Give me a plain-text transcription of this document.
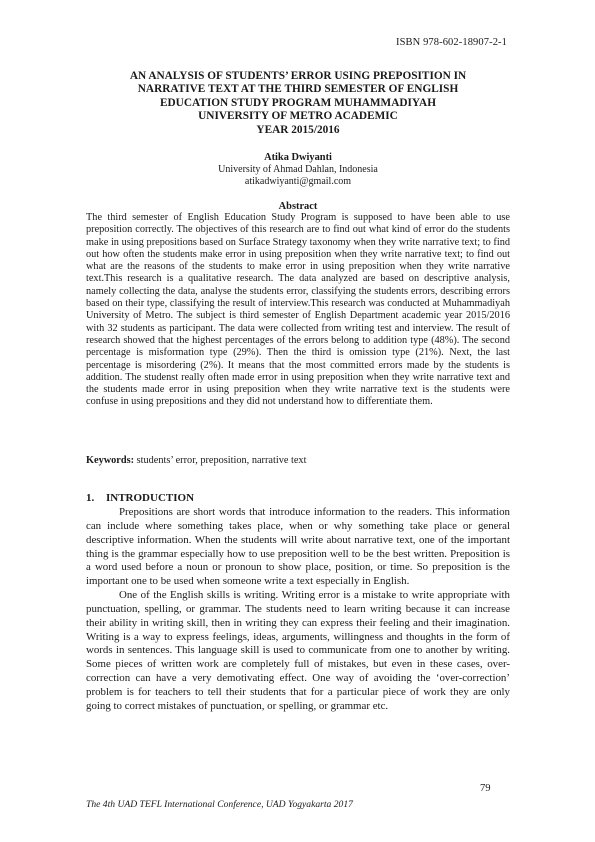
ISBN 978-602-18907-2-1
AN ANALYSIS OF STUDENTS’ ERROR USING PREPOSITION IN
NARRATIVE TEXT AT THE THIRD SEMESTER OF ENGLISH
EDUCATION STUDY PROGRAM MUHAMMADIYAH
UNIVERSITY OF METRO ACADEMIC
YEAR 2015/2016
Atika Dwiyanti
University of Ahmad Dahlan, Indonesia
atikadwiyanti@gmail.com
Abstract
The third semester of English Education Study Program is supposed to have been able to use preposition correctly. The objectives of this research are to find out what kind of error do the students make in using prepositions based on Surface Strategy taxonomy when they write narrative text; to find out how often the students make error in using preposition when they write narrative text; to find out what are the reasons of the students to make error in using preposition when they write narrative text.This research is a qualitative research. The data analyzed are based on descriptive analysis, namely collecting the data, analyse the students error, classifying the students errors, describing errors based on their type, classifying the result of interview.This research was conducted at Muhammadiyah University of Metro. The subject is third semester of English Department academic year 2015/2016 with 32 students as participant. The data were collected from writing test and interview. The result of research showed that the highest percentages of the errors belong to addition type (48%). The second percentage is misformation type (29%). Then the third is omission type (21%). Next, the last percentage is misordering (2%). It means that the most committed errors made by the students is addition. The studenst really often made error in using preposition when they write narrative text and the students made error in using preposition when they write narrative text is the students were confuse in using prepositions and they did not understand how to differentiate them.
Keywords: students’ error, preposition, narrative text
1. INTRODUCTION

Prepositions are short words that introduce information to the readers. This information can include where something takes place, when or why something take place or general descriptive information. When the students will write about narrative text, one of the important thing is the grammar especially how to use preposition well to be the best written. Preposition is a word used before a noun or pronoun to show place, position, or time. So preposition is the important one to be used when someone write a text especially in English.

One of the English skills is writing. Writing error is a mistake to write appropriate with punctuation, spelling, or grammar. The students need to learn writing because it can increase their ability in writing skill, then in writing they can express their feeling and their imagination. Writing is a way to express feelings, ideas, arguments, willingness and thoughts in the form of words in sentences. This language skill is used to communicate from one to another by writing. Some pieces of written work are completely full of mistakes, but even in these cases, over-correction can have a very demotivating effect. One way of avoiding the ‘over-correction’ problem is for teachers to tell their students that for a particular piece of work they are only going to correct mistakes of punctuation, or spelling, or grammar etc.

79
The 4th UAD TEFL International Conference, UAD Yogyakarta 2017
